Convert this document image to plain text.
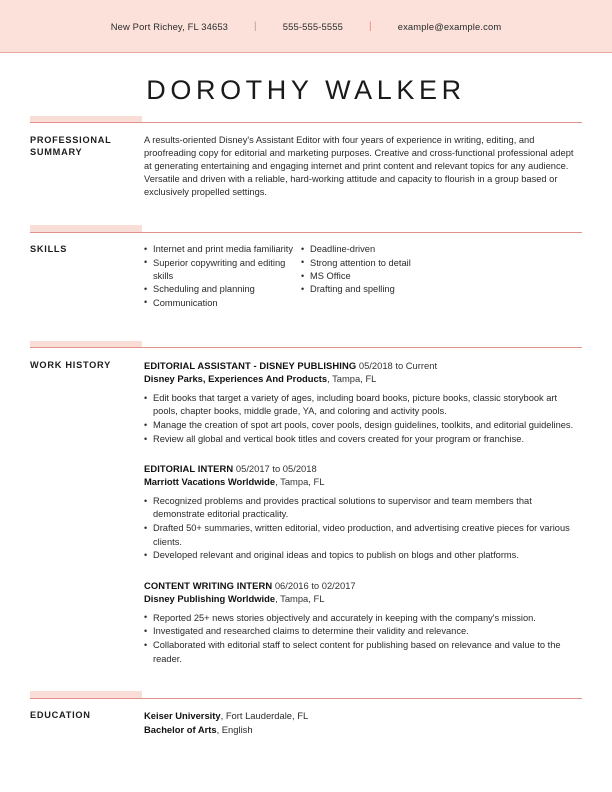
New Port Richey, FL 34653	|	555-555-5555	|	example@example.com
DOROTHY WALKER
PROFESSIONAL
SUMMARY
A results-oriented Disney's Assistant Editor with four years of experience in writing, editing, and proofreading copy for editorial and marketing purposes. Creative and cross-functional professional adept at generating entertaining and engaging internet and print content and relevant topics for any audience. Versatile and driven with a reliable, hard-working attitude and capacity to flourish in a group based or exclusively propelled settings.
SKILLS	• Internet and print media familiarity
• Superior copywriting and editing skills
• Scheduling and planning
• Communication
• Deadline-driven
• Strong attention to detail
• MS Office
• Drafting and spelling
WORK HISTORY	EDITORIAL ASSISTANT - DISNEY PUBLISHING 05/2018 to Current
Disney Parks, Experiences And Products, Tampa, FL
• Edit books that target a variety of ages, including board books, picture books, classic storybook art pools, chapter books, middle grade, YA, and coloring and activity pools.
• Manage the creation of spot art pools, cover pools, design guidelines, toolkits, and editorial guidelines.
• Review all global and vertical book titles and covers created for your program or franchise.
EDITORIAL INTERN 05/2017 to 05/2018
Marriott Vacations Worldwide, Tampa, FL
• Recognized problems and provides practical solutions to supervisor and team members that demonstrate editorial practicality.
• Drafted 50+ summaries, written editorial, video production, and advertising creative pieces for various clients.
• Developed relevant and original ideas and topics to publish on blogs and other platforms.
CONTENT WRITING INTERN 06/2016 to 02/2017
Disney Publishing Worldwide, Tampa, FL
• Reported 25+ news stories objectively and accurately in keeping with the company's mission.
• Investigated and researched claims to determine their validity and relevance.
• Collaborated with editorial staff to select content for publishing based on relevance and value to the reader.
EDUCATION	Keiser University, Fort Lauderdale, FL
Bachelor of Arts, English
